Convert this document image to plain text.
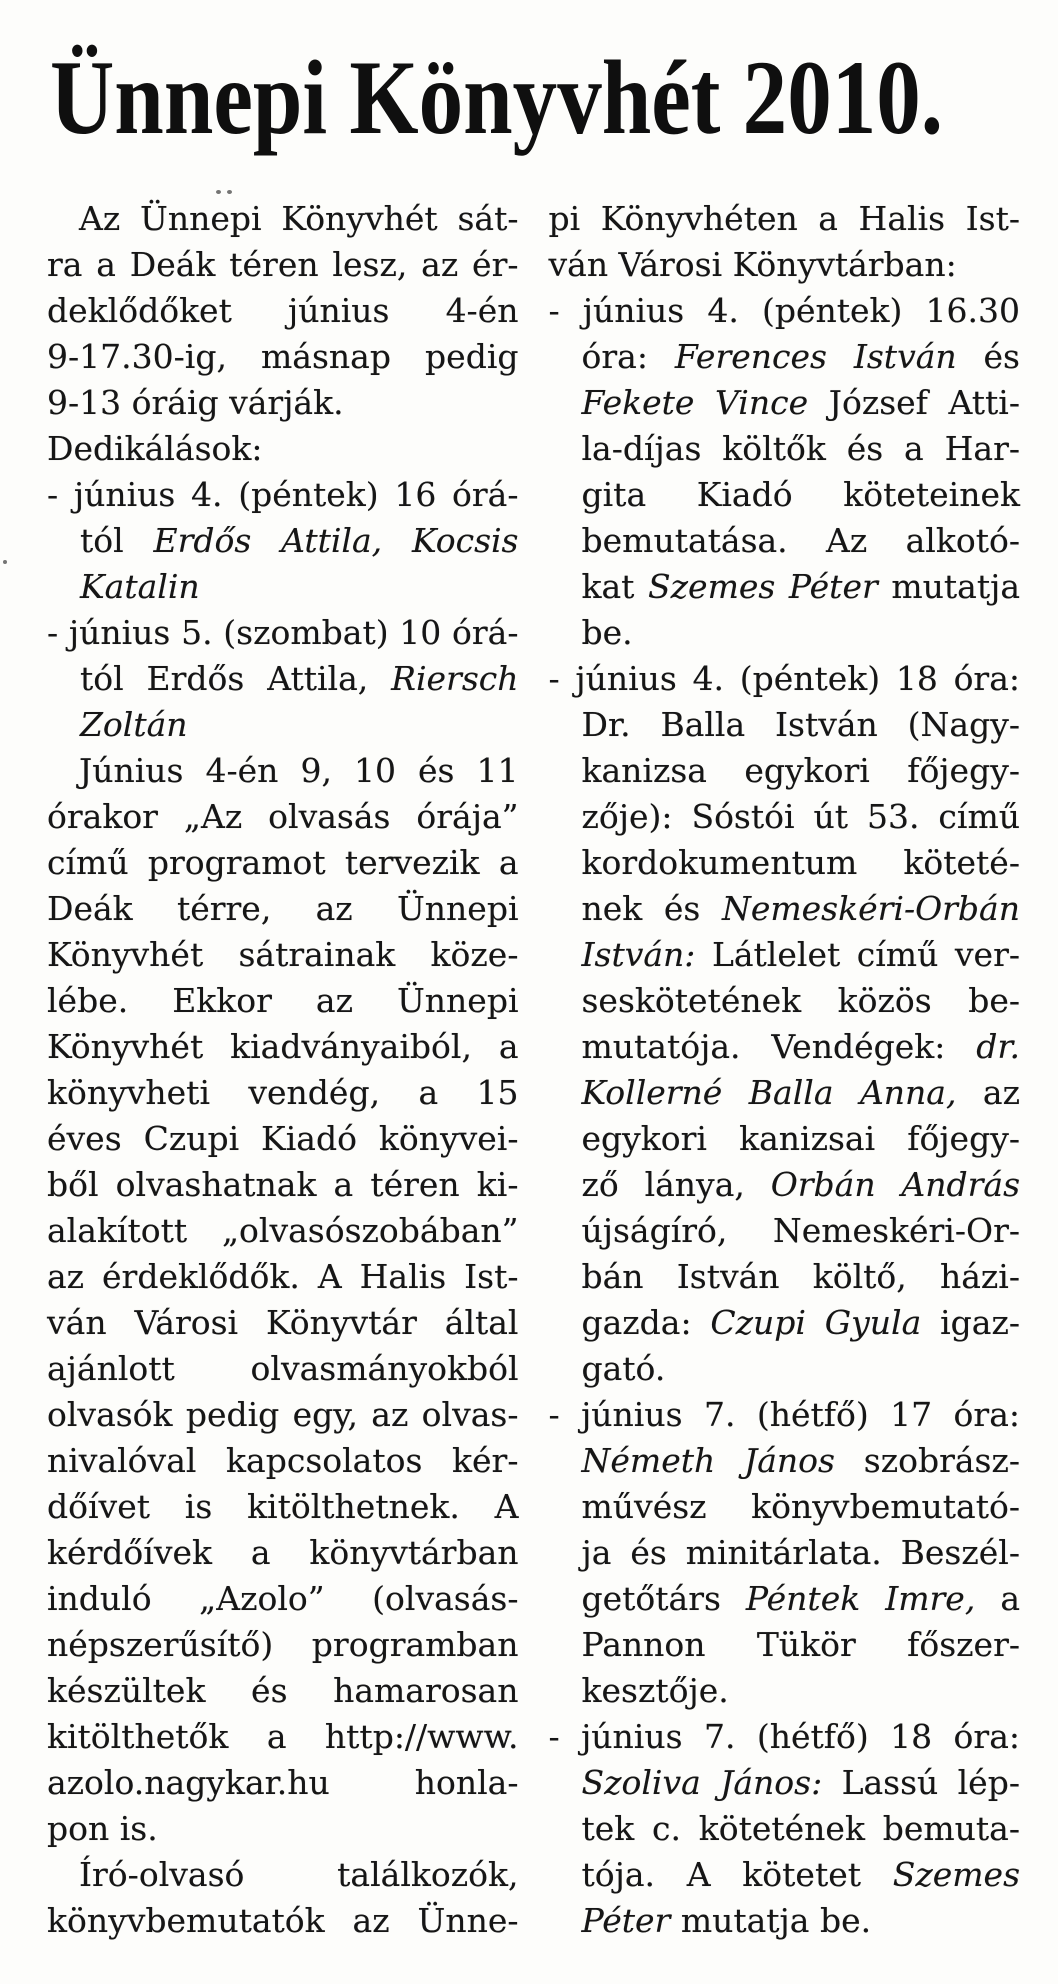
Ünnepi Könyvhét 2010.
Az Ünnepi Könyvhét sát-
ra a Deák téren lesz, az ér-
deklődőket június 4-én
9-17.30-ig, másnap pedig
9-13 óráig várják.
Dedikálások:
- június 4. (péntek) 16 órá-
tól Erdős Attila, Kocsis
Katalin
- június 5. (szombat) 10 órá-
tól Erdős Attila, Riersch
Zoltán
Június 4-én 9, 10 és 11
órakor „Az olvasás órája”
című programot tervezik a
Deák térre, az Ünnepi
Könyvhét sátrainak köze-
lébe. Ekkor az Ünnepi
Könyvhét kiadványaiból, a
könyvheti vendég, a 15
éves Czupi Kiadó könyvei-
ből olvashatnak a téren ki-
alakított „olvasószobában”
az érdeklődők. A Halis Ist-
ván Városi Könyvtár által
ajánlott olvasmányokból
olvasók pedig egy, az olvas-
nivalóval kapcsolatos kér-
dőívet is kitölthetnek. A
kérdőívek a könyvtárban
induló „Azolo” (olvasás-
népszerűsítő) programban
készültek és hamarosan
kitölthetők a http://www.
azolo.nagykar.hu honla-
pon is.
Író-olvasó találkozók,
könyvbemutatók az Ünne-
pi Könyvhéten a Halis Ist-
ván Városi Könyvtárban:
- június 4. (péntek) 16.30
óra: Ferences István és
Fekete Vince József Atti-
la-díjas költők és a Har-
gita Kiadó köteteinek
bemutatása. Az alkotó-
kat Szemes Péter mutatja
be.
- június 4. (péntek) 18 óra:
Dr. Balla István (Nagy-
kanizsa egykori főjegy-
zője): Sóstói út 53. című
kordokumentum köteté-
nek és Nemeskéri-Orbán
István: Látlelet című ver-
seskötetének közös be-
mutatója. Vendégek: dr.
Kollerné Balla Anna, az
egykori kanizsai főjegy-
ző lánya, Orbán András
újságíró, Nemeskéri-Or-
bán István költő, házi-
gazda: Czupi Gyula igaz-
gató.
- június 7. (hétfő) 17 óra:
Németh János szobrász-
művész könyvbemutató-
ja és minitárlata. Beszél-
getőtárs Péntek Imre, a
Pannon Tükör főszer-
kesztője.
- június 7. (hétfő) 18 óra:
Szoliva János: Lassú lép-
tek c. kötetének bemuta-
tója. A kötetet Szemes
Péter mutatja be.
